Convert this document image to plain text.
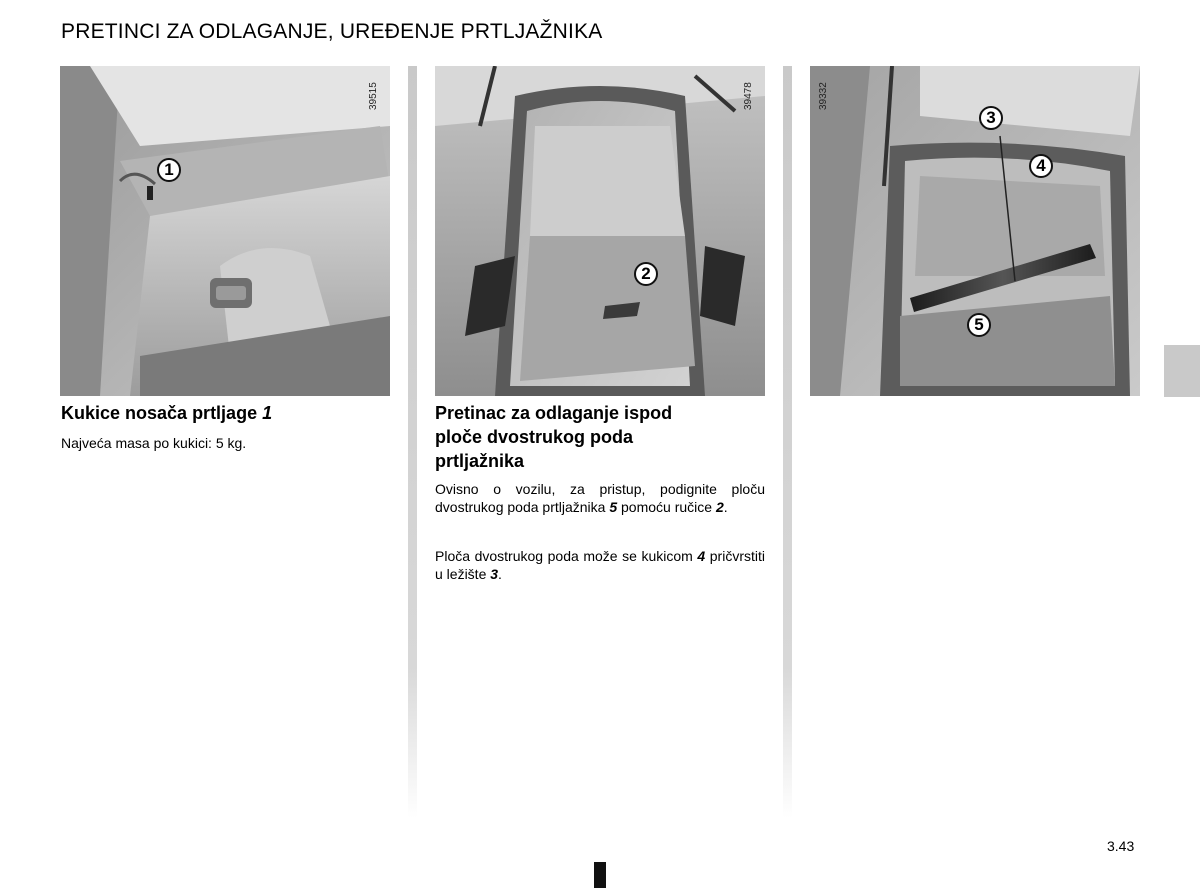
PRETINCI ZA ODLAGANJE, UREĐENJE PRTLJAŽNIKA
39515
1
39478
2
39332
3
4
5
Kukice nosača prtljage 1

Najveća masa po kukici: 5 kg.

Pretinac za odlaganje ispod
ploče dvostrukog poda
prtljažnika

Ovisno o vozilu, za pristup, podignite ploču dvostrukog poda prtljažnika 5 pomoću ručice 2.

Ploča dvostrukog poda može se kukicom 4 pričvrstiti u ležište 3.

3.43
